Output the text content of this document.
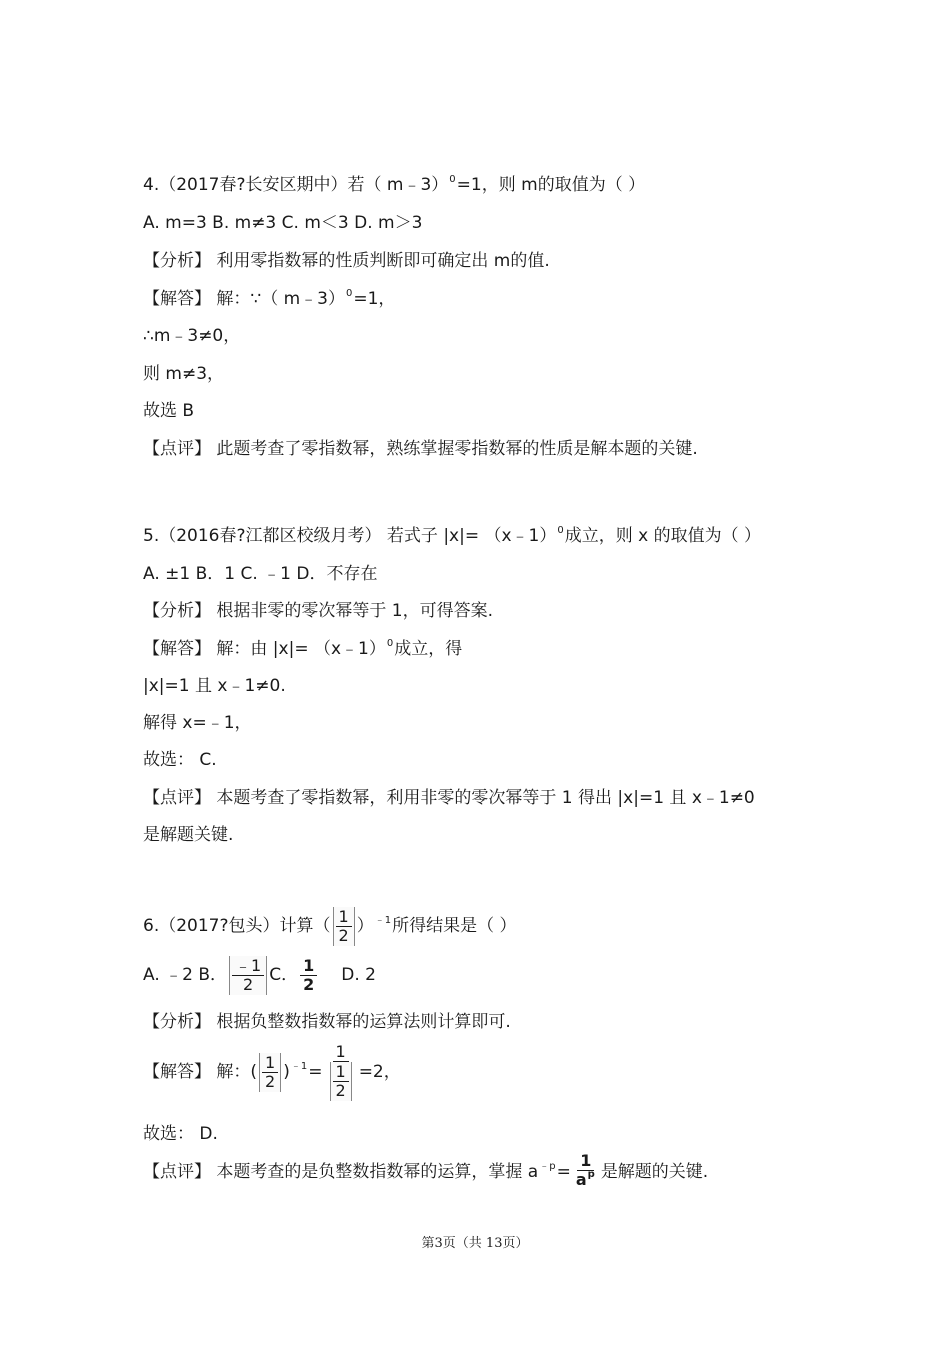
4.（2017春?长安区期中）若（ m﹣3）$^0$=1，则 m的取值为（ ）
A. m=3 B. m≠3 C. m＜3 D. m＞3
【分析】 利用零指数幂的性质判断即可确定出 m的值.
【解答】 解：∵（ m﹣3）$^0$=1，
∴m﹣3≠0，
则 m≠3，
故选 B
【点评】 此题考查了零指数幂，熟练掌握零指数幂的性质是解本题的关键.
5.（2016春?江都区校级月考） 若式子 |x|= （x﹣1）$^0$成立，则 x 的取值为（ ）
A. ±1 B．1 C. ﹣1 D．不存在
【分析】 根据非零的零次幂等于 1，可得答案.
【解答】 解：由 |x|= （x﹣1）$^0$成立，得
|x|=1 且 x﹣1≠0.
解得 x=﹣1，
故选： C.
【点评】 本题考查了零指数幂，利用非零的零次幂等于 1 得出 |x|=1 且 x﹣1≠0
是解题关键.
6.（2017?包头）计算（ $\frac{1}{2} )^{﹣1}$所得结果是（ ）
A. ﹣2 B． $\frac{﹣1}{2}$ C． $\frac{1}{2} D$. 2
【分析】 根据负整数指数幂的运算法则计算即可.
【解答】 解：( $\frac{1}{2} )^{﹣1}= \frac{1}{\frac{1}{2}} =2$，
故选： D.
【点评】 本题考查的是负整数指数幂的运算，掌握 $a^{﹣p}= \frac{1}{a^p}$ 是解题的关键.
第3页（共 13页）
